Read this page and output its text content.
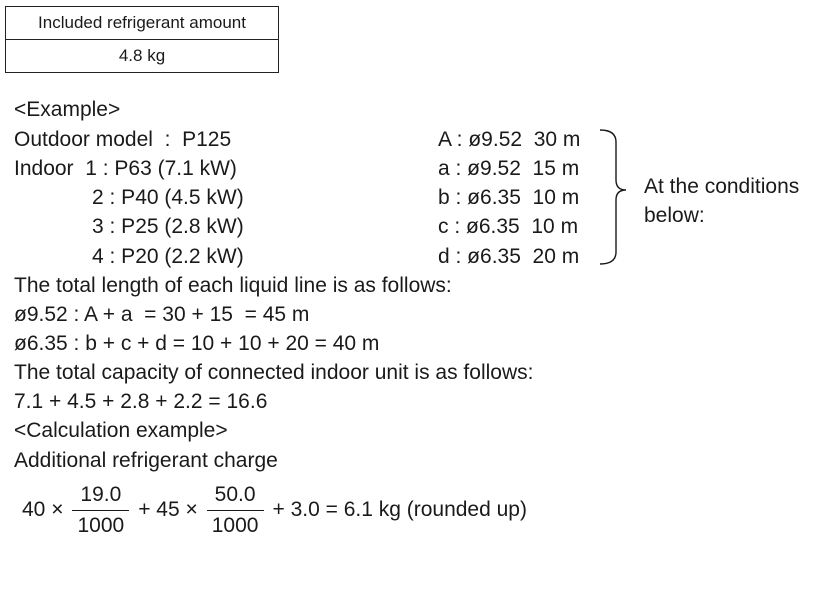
Included refrigerant amount
4.8 kg
<Example>
Outdoor model  :  P125
Indoor  1 : P63 (7.1 kW)
2 : P40 (4.5 kW)
3 : P25 (2.8 kW)
4 : P20 (2.2 kW)
A : ø9.52  30 m
a : ø9.52  15 m
b : ø6.35  10 m
c : ø6.35  10 m
d : ø6.35  20 m
At the conditions below:
The total length of each liquid line is as follows:
ø9.52 : A + a  = 30 + 15  = 45 m
ø6.35 : b + c + d = 10 + 10 + 20 = 40 m
The total capacity of connected indoor unit is as follows:
7.1 + 4.5 + 2.8 + 2.2 = 16.6
<Calculation example>
Additional refrigerant charge
$40 \times \frac{19.0}{1000} + 45 \times \frac{50.0}{1000} + 3.0 = 6.1$ kg (rounded up)
